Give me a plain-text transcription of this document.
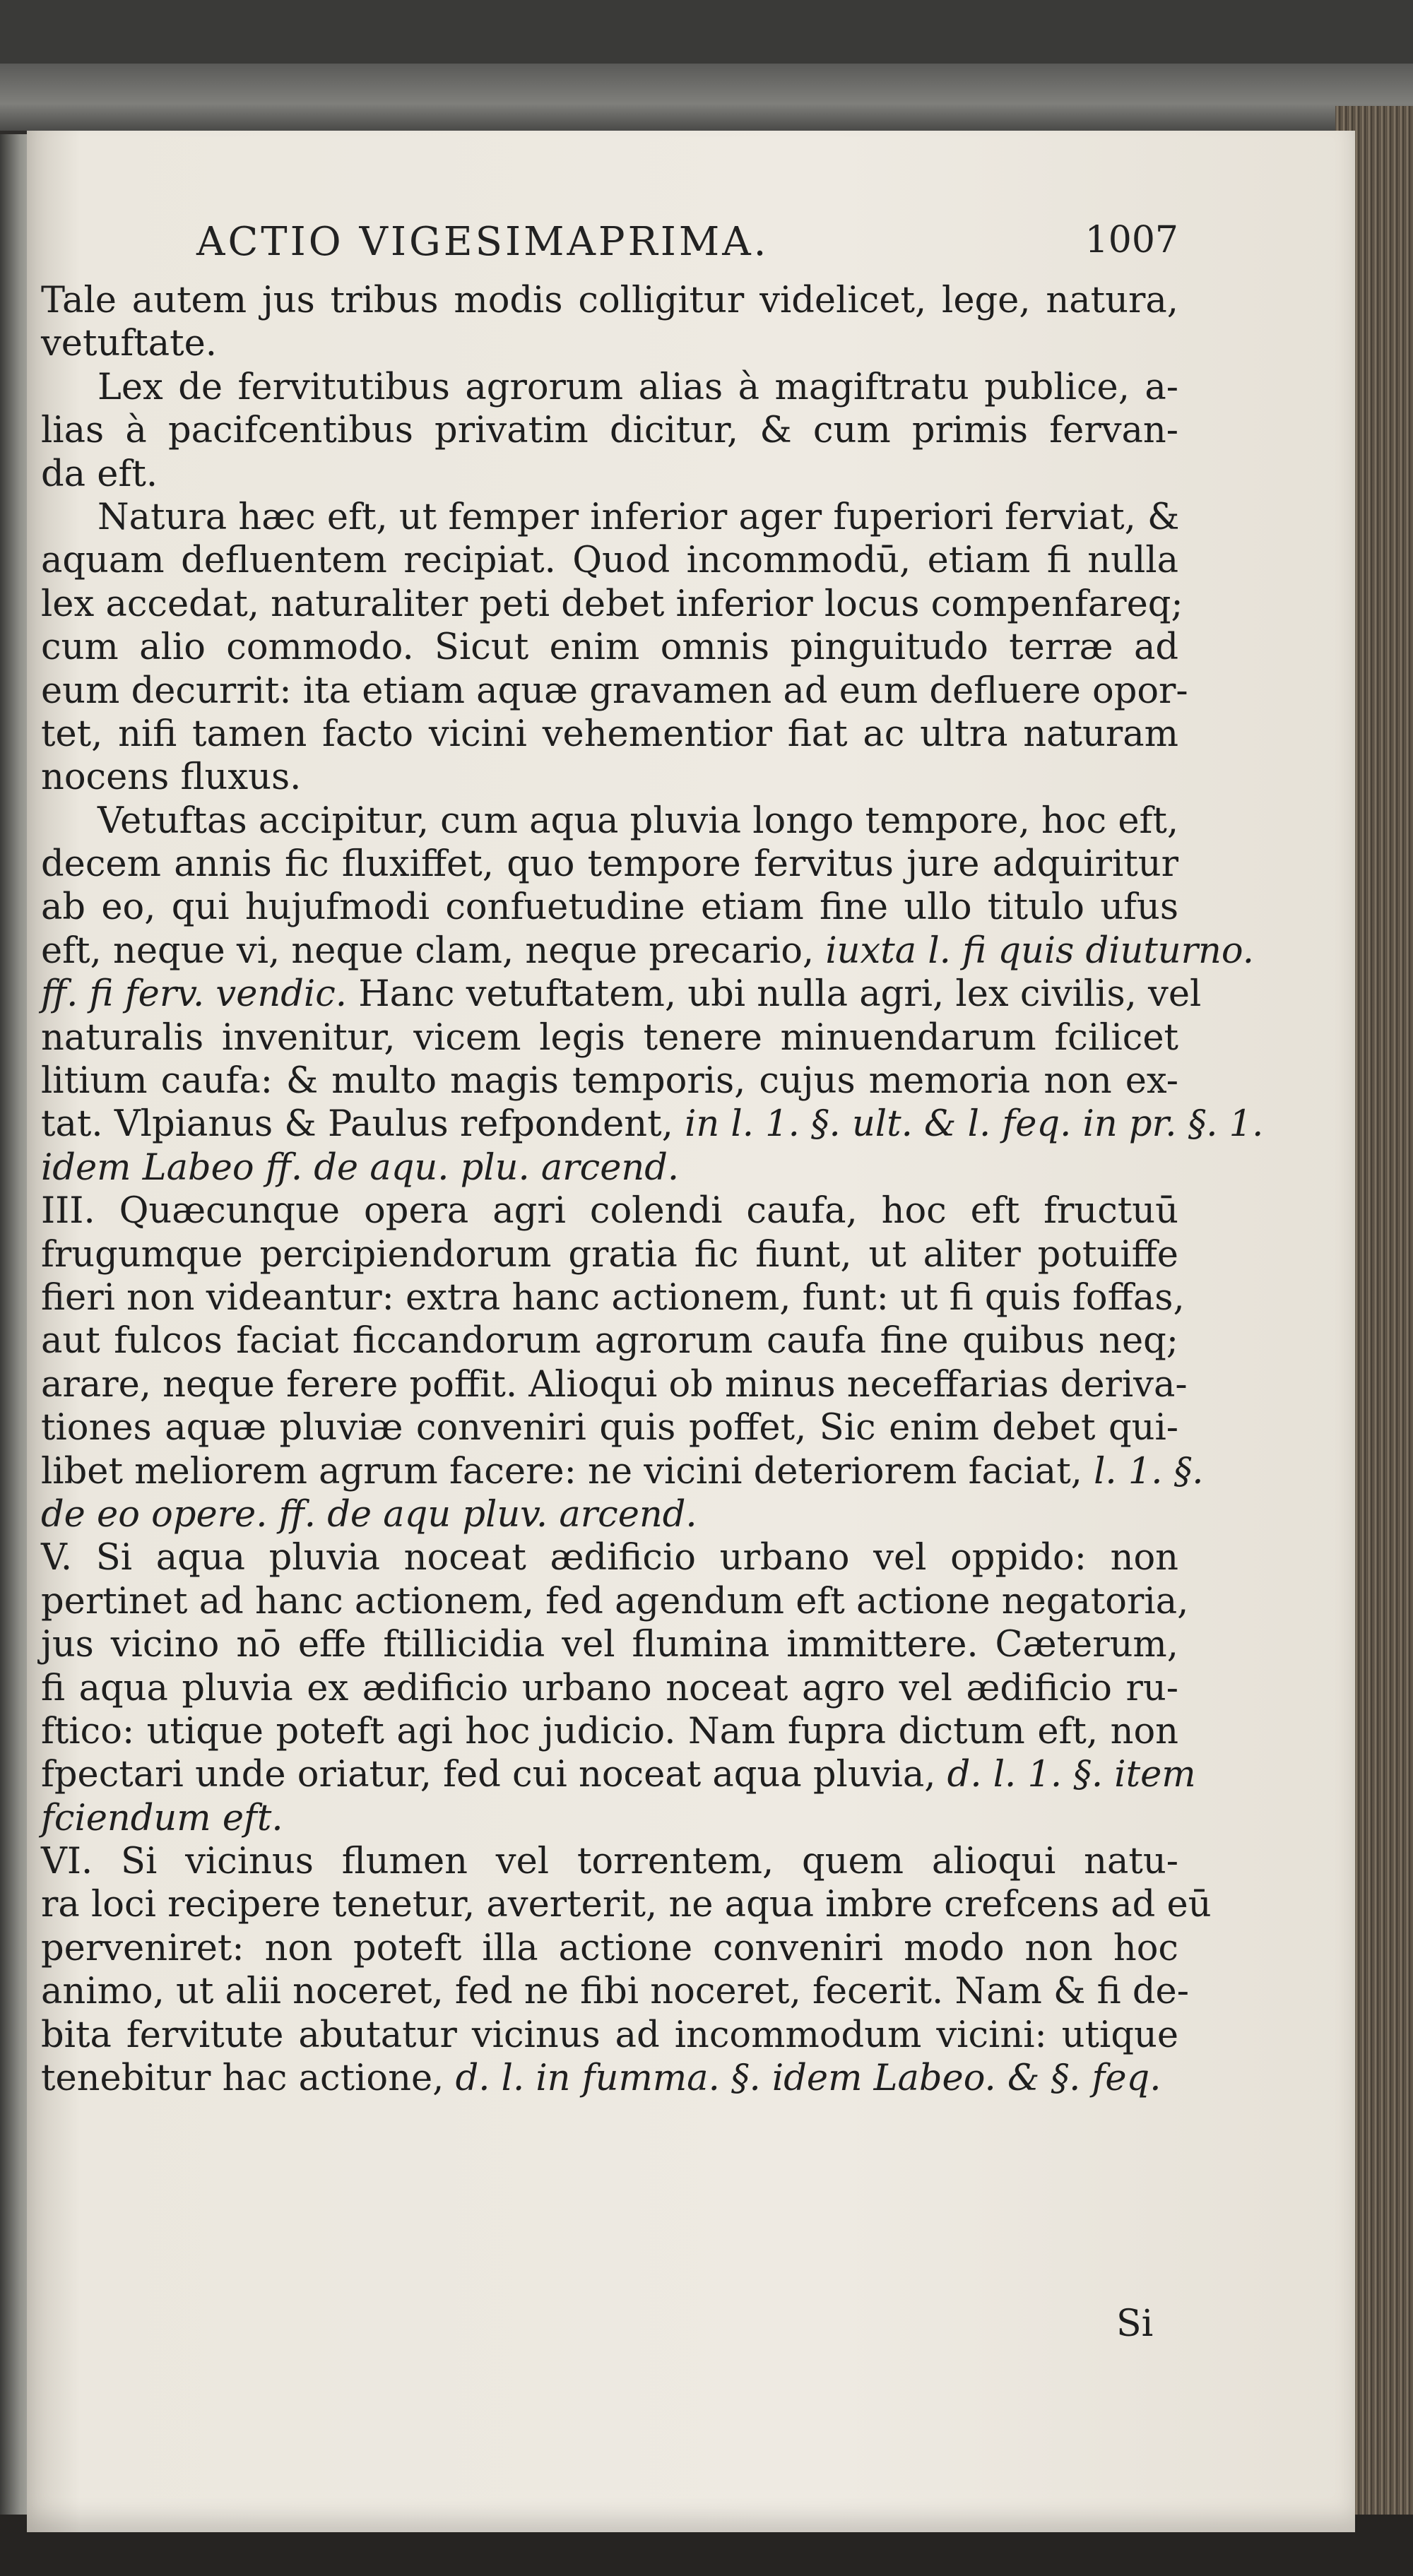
ACTIO VIGESIMAPRIMA.	1007
Tale autem jus tribus modis colligitur videlicet, lege, natura,
vetuftate.
Lex de fervitutibus agrorum alias à magiftratu publice, a-
lias à pacifcentibus privatim dicitur, & cum primis fervan-
da eft.
Natura hæc eft, ut femper inferior ager fuperiori ferviat, &
aquam defluentem recipiat. Quod incommodū, etiam fi nulla
lex accedat, naturaliter peti debet inferior locus compenfareq;
cum alio commodo. Sicut enim omnis pinguitudo terræ ad
eum decurrit: ita etiam aquæ gravamen ad eum defluere opor-
tet, nifi tamen facto vicini vehementior fiat ac ultra naturam
nocens fluxus.
Vetuftas accipitur, cum aqua pluvia longo tempore, hoc eft,
decem annis fic fluxiffet, quo tempore fervitus jure adquiritur
ab eo, qui hujufmodi confuetudine etiam fine ullo titulo ufus
eft, neque vi, neque clam, neque precario, iuxta l. fi quis diuturno.
ff. fi ferv. vendic. Hanc vetuftatem, ubi nulla agri, lex civilis, vel
naturalis invenitur, vicem legis tenere minuendarum fcilicet
litium caufa: & multo magis temporis, cujus memoria non ex-
tat. Vlpianus & Paulus refpondent, in l. 1. §. ult. & l. feq. in pr. §. 1.
idem Labeo ff. de aqu. plu. arcend.
III. Quæcunque opera agri colendi caufa, hoc eft fructuū
frugumque percipiendorum gratia fic fiunt, ut aliter potuiffe
fieri non videantur: extra hanc actionem, funt: ut fi quis foffas,
aut fulcos faciat ficcandorum agrorum caufa fine quibus neq;
arare, neque ferere poffit. Alioqui ob minus neceffarias deriva-
tiones aquæ pluviæ conveniri quis poffet, Sic enim debet qui-
libet meliorem agrum facere: ne vicini deteriorem faciat, l. 1. §.
de eo opere. ff. de aqu pluv. arcend.
V. Si aqua pluvia noceat ædificio urbano vel oppido: non
pertinet ad hanc actionem, fed agendum eft actione negatoria,
jus vicino nō effe ftillicidia vel flumina immittere. Cæterum,
fi aqua pluvia ex ædificio urbano noceat agro vel ædificio ru-
ftico: utique poteft agi hoc judicio. Nam fupra dictum eft, non
fpectari unde oriatur, fed cui noceat aqua pluvia, d. l. 1. §. item
fciendum eft.
VI. Si vicinus flumen vel torrentem, quem alioqui natu-
ra loci recipere tenetur, averterit, ne aqua imbre crefcens ad eū
perveniret: non poteft illa actione conveniri modo non hoc
animo, ut alii noceret, fed ne fibi noceret, fecerit. Nam & fi de-
bita fervitute abutatur vicinus ad incommodum vicini: utique
tenebitur hac actione, d. l. in fumma. §. idem Labeo. & §. feq.
Si
